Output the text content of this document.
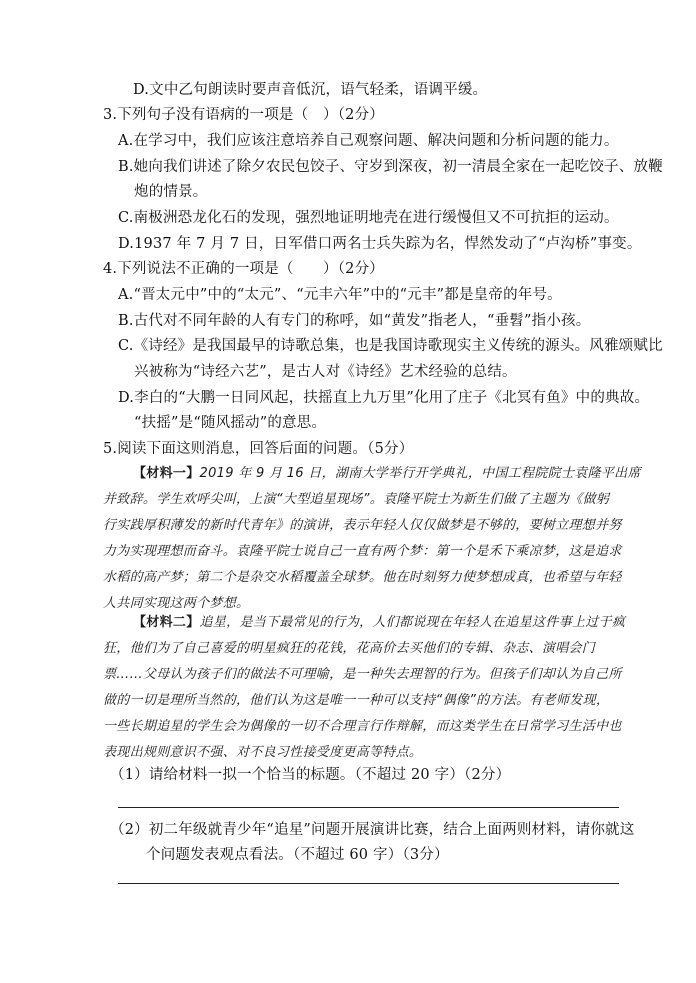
D.文中乙句朗读时要声音低沉，语气轻柔，语调平缓。
3.下列句子没有语病的一项是（　）（2分）
A.在学习中，我们应该注意培养自己观察问题、解决问题和分析问题的能力。
B.她向我们讲述了除夕农民包饺子、守岁到深夜，初一清晨全家在一起吃饺子、放鞭
炮的情景。
C.南极洲恐龙化石的发现，强烈地证明地壳在进行缓慢但又不可抗拒的运动。
D.1937 年 7 月 7 日，日军借口两名士兵失踪为名，悍然发动了“卢沟桥”事变。
4.下列说法不正确的一项是（　　）（2分）
A.“晋太元中”中的“太元”、“元丰六年”中的“元丰”都是皇帝的年号。
B.古代对不同年龄的人有专门的称呼，如“黄发”指老人，“垂髫”指小孩。
C.《诗经》是我国最早的诗歌总集，也是我国诗歌现实主义传统的源头。风雅颂赋比
兴被称为“诗经六艺”，是古人对《诗经》艺术经验的总结。
D.李白的“大鹏一日同风起，扶摇直上九万里”化用了庄子《北冥有鱼》中的典故。
“扶摇”是“随风摇动”的意思。
5.阅读下面这则消息，回答后面的问题。（5分）
【材料一】2019 年 9 月 16 日，湖南大学举行开学典礼，中国工程院院士袁隆平出席
并致辞。学生欢呼尖叫，上演“大型追星现场”。袁隆平院士为新生们做了主题为《做躬
行实践厚积薄发的新时代青年》的演讲，表示年轻人仅仅做梦是不够的，要树立理想并努
力为实现理想而奋斗。袁隆平院士说自己一直有两个梦：第一个是禾下乘凉梦，这是追求
水稻的高产梦；第二个是杂交水稻覆盖全球梦。他在时刻努力使梦想成真，也希望与年轻
人共同实现这两个梦想。
【材料二】追星，是当下最常见的行为，人们都说现在年轻人在追星这件事上过于疯
狂，他们为了自己喜爱的明星疯狂的花钱，花高价去买他们的专辑、杂志、演唱会门
票……父母认为孩子们的做法不可理喻，是一种失去理智的行为。但孩子们却认为自己所
做的一切是理所当然的，他们认为这是唯一一种可以支持“偶像”的方法。有老师发现，
一些长期追星的学生会为偶像的一切不合理言行作辩解，而这类学生在日常学习生活中也
表现出规则意识不强、对不良习性接受度更高等特点。
（1）请给材料一拟一个恰当的标题。（不超过 20 字）（2分）
（2）初二年级就青少年“追星”问题开展演讲比赛，结合上面两则材料，请你就这
个问题发表观点看法。（不超过 60 字）（3分）
